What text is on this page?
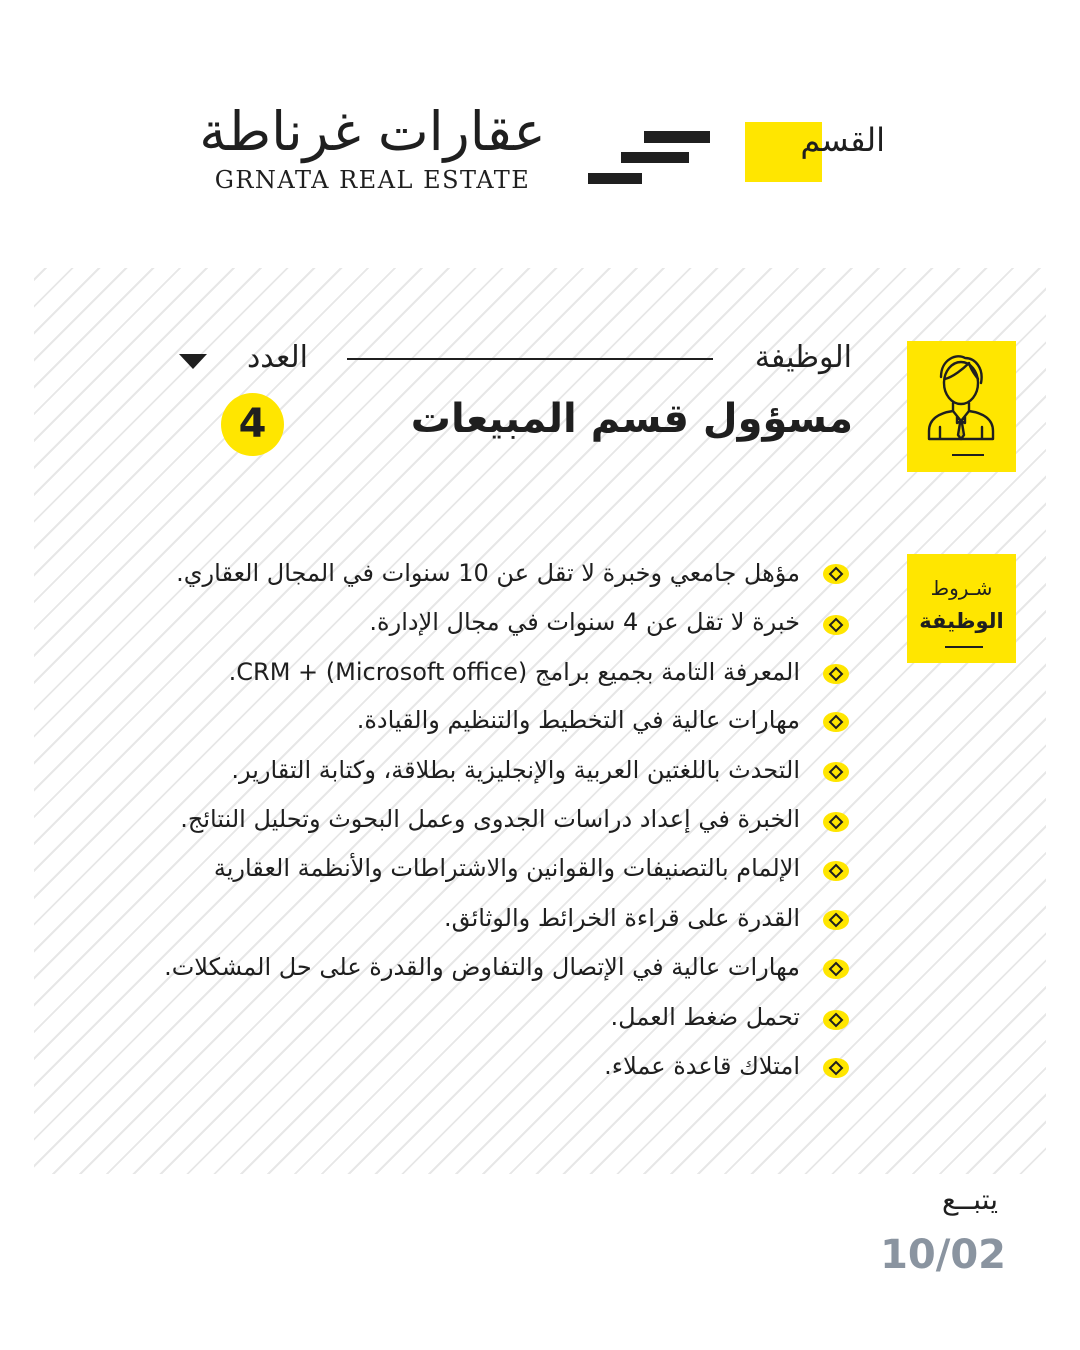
عقارات غرناطة
GRNATA REAL ESTATE
القسم
الوظيفة
العدد
مسؤول قسم المبيعات
4
شـروط
الوظيفة
مؤهل جامعي وخبرة لا تقل عن 10 سنوات في المجال العقاري.
خبرة لا تقل عن 4 سنوات في مجال الإدارة.
المعرفة التامة بجميع برامج (Microsoft office) + CRM.
مهارات عالية في التخطيط والتنظيم والقيادة.
التحدث باللغتين العربية والإنجليزية بطلاقة، وكتابة التقارير.
الخبرة في إعداد دراسات الجدوى وعمل البحوث وتحليل النتائج.
الإلمام بالتصنيفات والقوانين والاشتراطات والأنظمة العقارية
القدرة على قراءة الخرائط والوثائق.
مهارات عالية في الإتصال والتفاوض والقدرة على حل المشكلات.
تحمل ضغط العمل.
امتلاك قاعدة عملاء.
يتبــع
10/02
